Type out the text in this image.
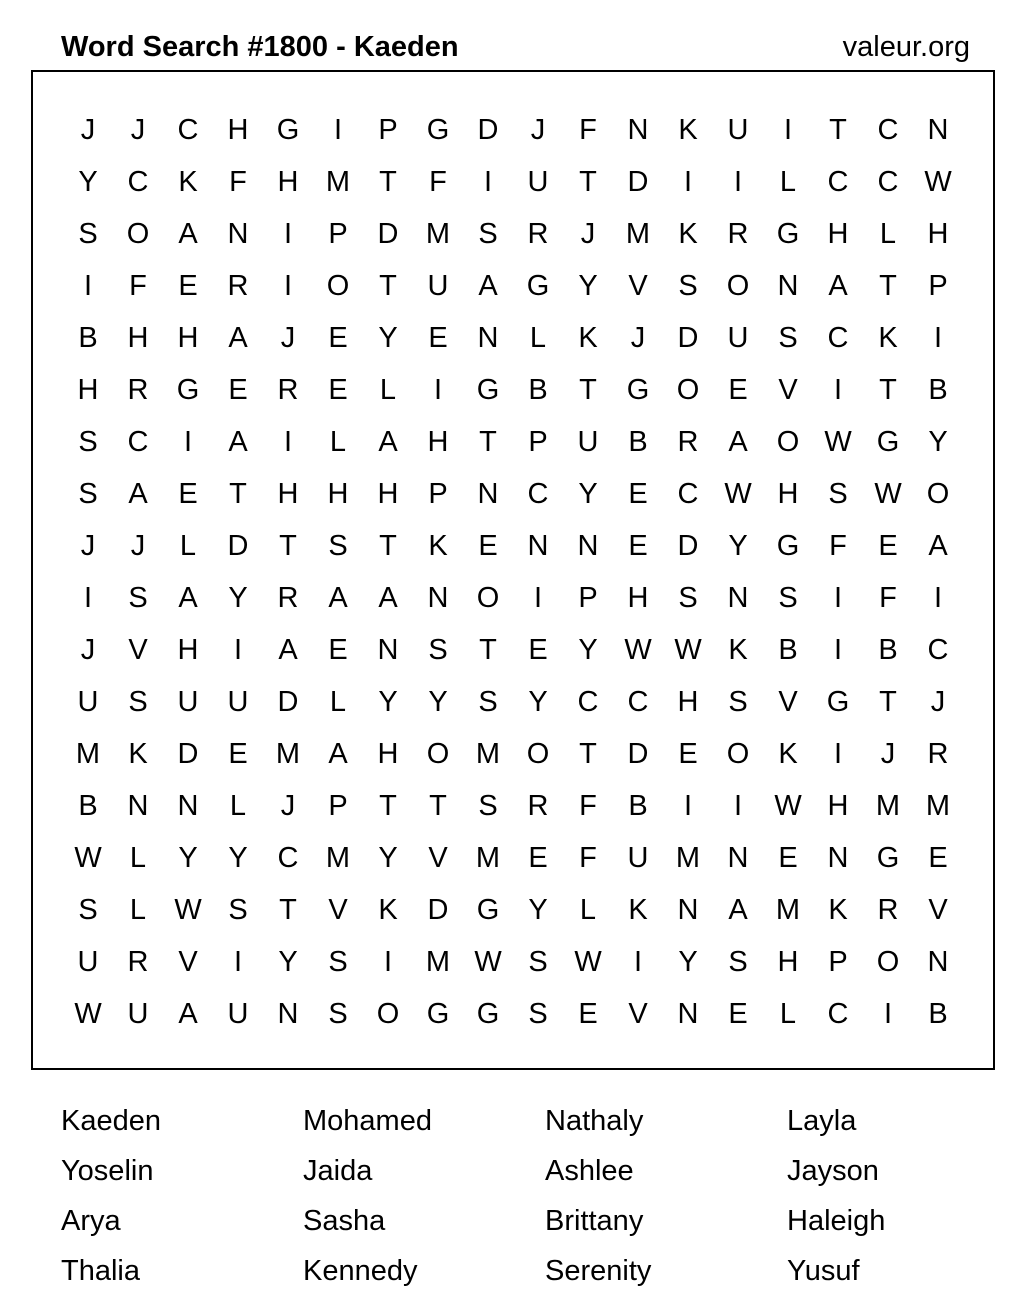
Word Search #1800 - Kaeden	valeur.org
J	J	C	H G	I	P	G D	J	F	N	K	U	I	T	C	N
Y	C	K	F	H M	T	F	I	U	T	D	I	I	L	C	C W
S	O	A	N	I	P	D M S	R	J	M K	R G H	L	H
I	F	E	R	I	O	T	U	A	G	Y	V	S	O N	A	T	P
B	H	H	A	J	E	Y	E	N	L	K	J	D	U	S	C	K	I
H	R G	E	R	E	L	I	G	B	T	G O	E	V	I	T	B
S	C	I	A	I	L	A	H	T	P	U	B	R	A	O W G	Y
S	A	E	T	H	H	H	P	N	C	Y	E	C W H	S W O
J	J	L	D	T	S	T	K	E	N	N	E	D	Y	G	F	E	A
I	S	A	Y	R	A	A	N O	I	P	H	S	N	S	I	F	I
J	V	H	I	A	E	N	S	T	E	Y W W K	B	I	B	C
U	S	U	U	D	L	Y	Y	S	Y	C	C	H	S	V	G	T	J
M K	D	E M A	H O M O	T	D	E	O	K	I	J	R
B	N	N	L	J	P	T	T	S	R	F	B	I	I	W H M M
W L	Y	Y	C M Y	V M E	F	U M N	E	N G	E
S	L W S	T	V	K	D G	Y	L	K	N	A M K	R	V
U	R	V	I	Y	S	I	M W S W	I	Y	S	H	P	O N
W U	A	U	N	S	O G G	S	E	V	N	E	L	C	I	B
Kaeden	Mohamed	Nathaly	Layla
Yoselin	Jaida	Ashlee	Jayson
Arya	Sasha	Brittany	Haleigh
Thalia	Kennedy	Serenity	Yusuf
